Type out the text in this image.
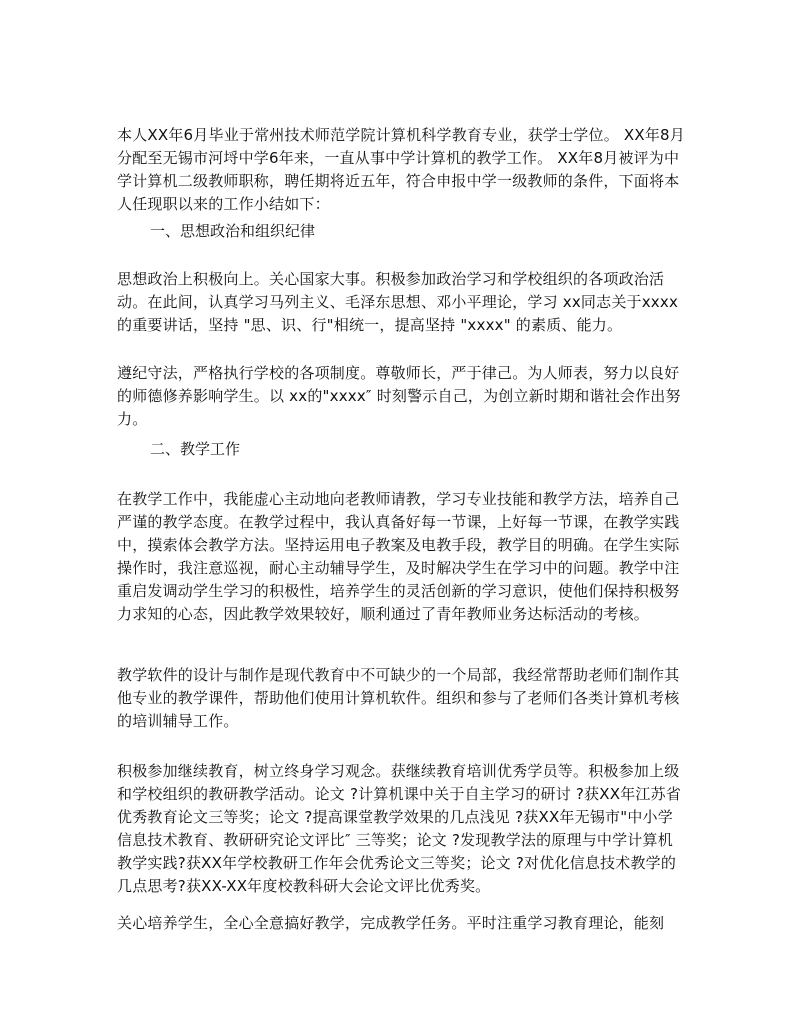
本人XX年6月毕业于常州技术师范学院计算机科学教育专业，获学士学位。 XX年8月分配至无锡市河埒中学6年来，一直从事中学计算机的教学工作。 XX年8月被评为中学计算机二级教师职称，聘任期将近五年，符合申报中学一级教师的条件，下面将本人任现职以来的工作小结如下：

一、思想政治和组织纪律

思想政治上积极向上。关心国家大事。积极参加政治学习和学校组织的各项政治活动。在此间，认真学习马列主义、毛泽东思想、邓小平理论，学习 xx同志关于xxxx的重要讲话，坚持 "思、识、行"相统一，提高坚持 "xxxx" 的素质、能力。

遵纪守法，严格执行学校的各项制度。尊敬师长，严于律己。为人师表，努力以良好的师德修养影响学生。以 xx的"xxxx″ 时刻警示自己，为创立新时期和谐社会作出努力。

二、教学工作

在教学工作中，我能虚心主动地向老教师请教，学习专业技能和教学方法，培养自己严谨的教学态度。在教学过程中，我认真备好每一节课，上好每一节课，在教学实践中，摸索体会教学方法。坚持运用电子教案及电教手段，教学目的明确。在学生实际操作时，我注意巡视，耐心主动辅导学生，及时解决学生在学习中的问题。教学中注重启发调动学生学习的积极性，培养学生的灵活创新的学习意识，使他们保持积极努力求知的心态，因此教学效果较好，顺利通过了青年教师业务达标活动的考核。

教学软件的设计与制作是现代教育中不可缺少的一个局部，我经常帮助老师们制作其他专业的教学课件，帮助他们使用计算机软件。组织和参与了老师们各类计算机考核的培训辅导工作。

积极参加继续教育，树立终身学习观念。获继续教育培训优秀学员等。积极参加上级和学校组织的教研教学活动。论文 ?计算机课中关于自主学习的研讨 ?获XX年江苏省优秀教育论文三等奖；论文 ?提高课堂教学效果的几点浅见 ?获XX年无锡市"中小学信息技术教育、教研研究论文评比″ 三等奖；论文 ?发现教学法的原理与中学计算机教学实践?获XX年学校教研工作年会优秀论文三等奖；论文 ?对优化信息技术教学的几点思考?获XX-XX年度校教科研大会论文评比优秀奖。

关心培养学生，全心全意搞好教学，完成教学任务。平时注重学习教育理论，能刻
